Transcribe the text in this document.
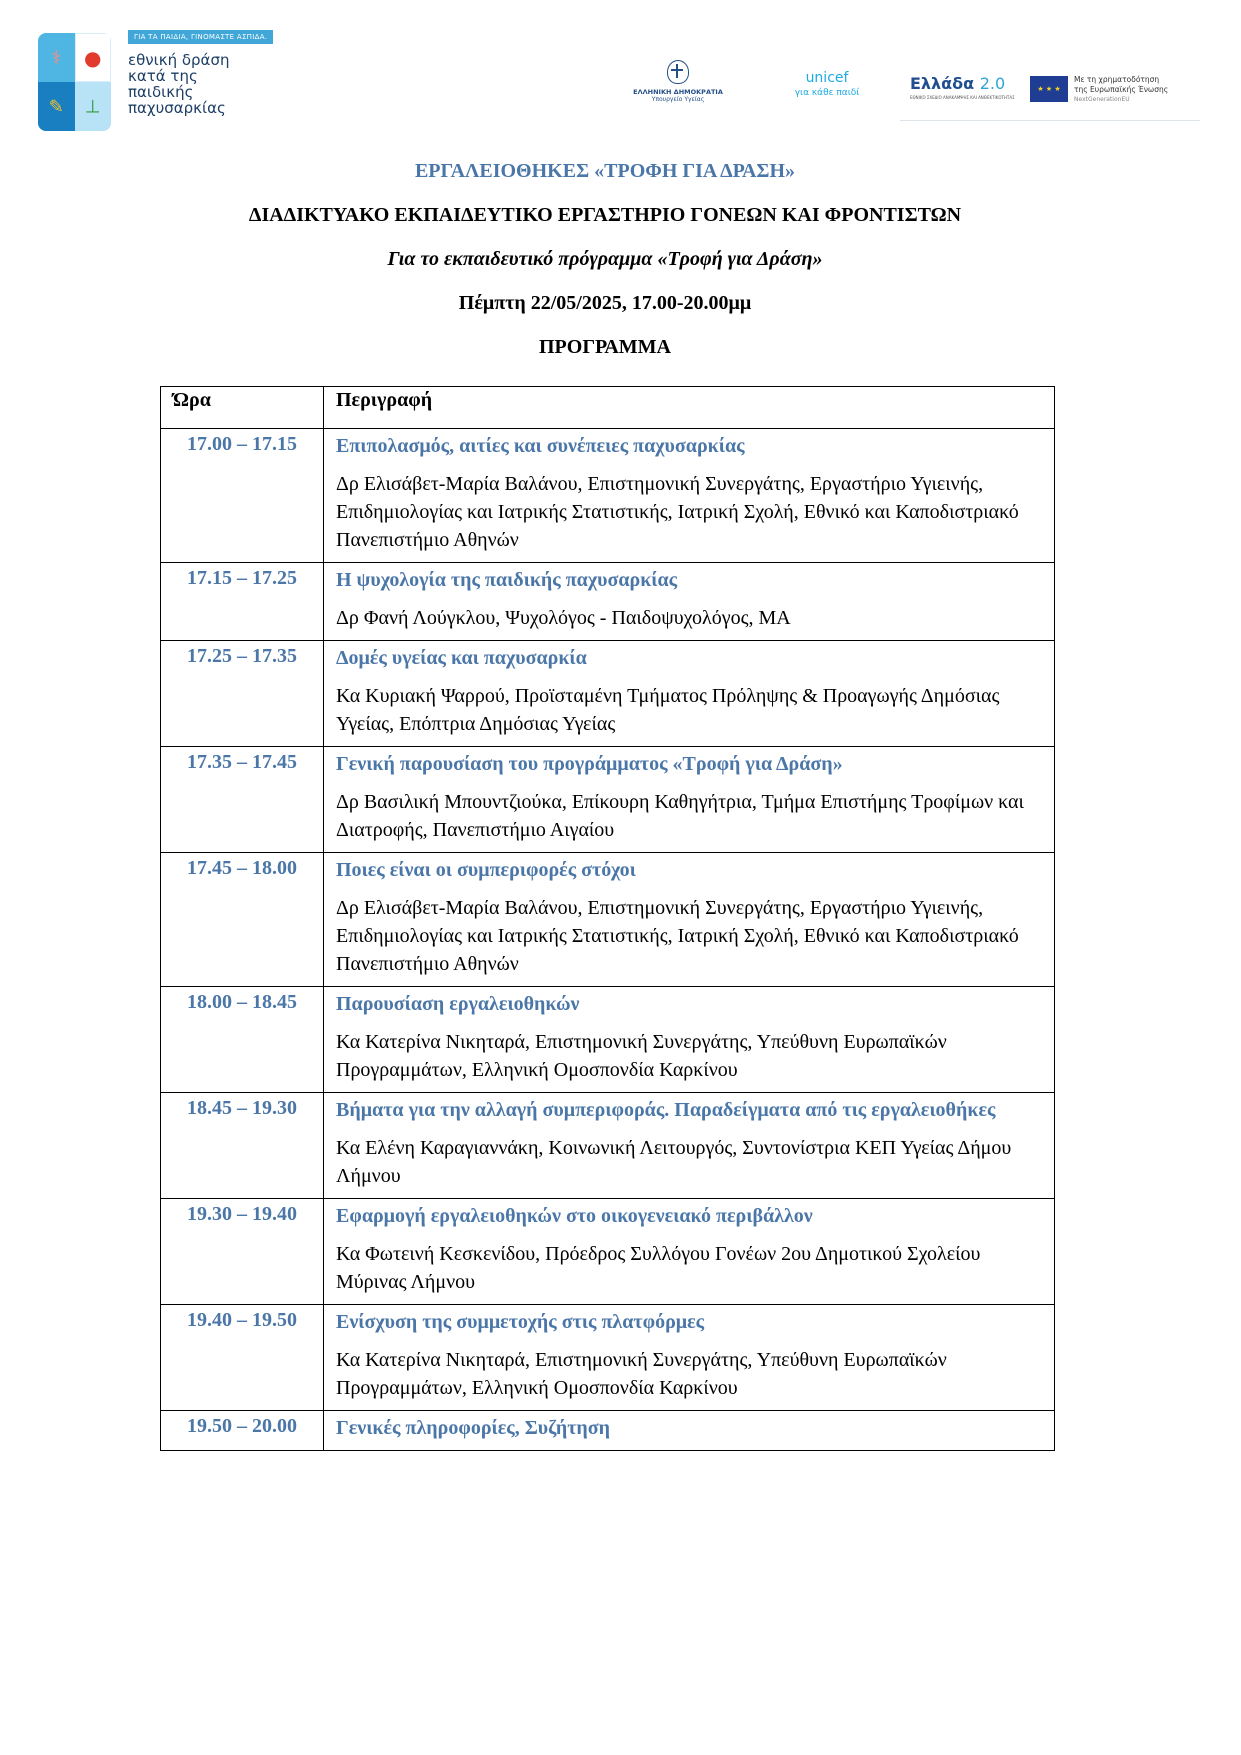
⚕ ●
✎ ⊥
ΓΙΑ ΤΑ ΠΑΙΔΙΑ, ΓΙΝΟΜΑΣΤΕ ΑΣΠΙΔΑ.
εθνική δράση
κατά της
παιδικής
παχυσαρκίας
ΕΛΛΗΝΙΚΗ ΔΗΜΟΚΡΑΤΙΑ
Υπουργείο Υγείας
unicef
για κάθε παιδί	Ελλάδα 2.0
ΕΘΝΙΚΟ ΣΧΕΔΙΟ ΑΝΑΚΑΜΨΗΣ ΚΑΙ ΑΝΘΕΚΤΙΚΟΤΗΤΑΣ
★ ★ ★
Με τη χρηματοδότηση
της Ευρωπαϊκής Ένωσης
NextGenerationEU
ΕΡΓΑΛΕΙΟΘΗΚΕΣ «ΤΡΟΦΗ ΓΙΑ ΔΡΑΣΗ»
ΔΙΑΔΙΚΤΥΑΚΟ ΕΚΠΑΙΔΕΥΤΙΚΟ ΕΡΓΑΣΤΗΡΙΟ ΓΟΝΕΩΝ ΚΑΙ ΦΡΟΝΤΙΣΤΩΝ
Για το εκπαιδευτικό πρόγραμμα «Τροφή για Δράση»
Πέμπτη 22/05/2025, 17.00-20.00μμ
ΠΡΟΓΡΑΜΜΑ
Ώρα	Περιγραφή
17.00 – 17.15	Επιπολασμός, αιτίες και συνέπειες παχυσαρκίας
Δρ Ελισάβετ-Μαρία Βαλάνου, Επιστημονική Συνεργάτης, Εργαστήριο Υγιεινής, Επιδημιολογίας και Ιατρικής Στατιστικής, Ιατρική Σχολή, Εθνικό και Καποδιστριακό Πανεπιστήμιο Αθηνών

17.15 – 17.25	Η ψυχολογία της παιδικής παχυσαρκίας
Δρ Φανή Λούγκλου, Ψυχολόγος - Παιδοψυχολόγος, ΜΑ

17.25 – 17.35	Δομές υγείας και παχυσαρκία
Κα Κυριακή Ψαρρού, Προϊσταμένη Τμήματος Πρόληψης & Προαγωγής Δημόσιας Υγείας, Επόπτρια Δημόσιας Υγείας

17.35 – 17.45	Γενική παρουσίαση του προγράμματος «Τροφή για Δράση»
Δρ Βασιλική Μπουντζιούκα, Επίκουρη Καθηγήτρια, Τμήμα Επιστήμης Τροφίμων και Διατροφής, Πανεπιστήμιο Αιγαίου

17.45 – 18.00	Ποιες είναι οι συμπεριφορές στόχοι
Δρ Ελισάβετ-Μαρία Βαλάνου, Επιστημονική Συνεργάτης, Εργαστήριο Υγιεινής, Επιδημιολογίας και Ιατρικής Στατιστικής, Ιατρική Σχολή, Εθνικό και Καποδιστριακό Πανεπιστήμιο Αθηνών

18.00 – 18.45	Παρουσίαση εργαλειοθηκών
Κα Κατερίνα Νικηταρά, Επιστημονική Συνεργάτης, Υπεύθυνη Ευρωπαϊκών Προγραμμάτων, Ελληνική Ομοσπονδία Καρκίνου

18.45 – 19.30	Βήματα για την αλλαγή συμπεριφοράς. Παραδείγματα από τις εργαλειοθήκες
Κα Ελένη Καραγιαννάκη, Κοινωνική Λειτουργός, Συντονίστρια ΚΕΠ Υγείας Δήμου Λήμνου

19.30 – 19.40	Εφαρμογή εργαλειοθηκών στο οικογενειακό περιβάλλον
Κα Φωτεινή Κεσκενίδου, Πρόεδρος Συλλόγου Γονέων 2ου Δημοτικού Σχολείου Μύρινας Λήμνου

19.40 – 19.50	Ενίσχυση της συμμετοχής στις πλατφόρμες
Κα Κατερίνα Νικηταρά, Επιστημονική Συνεργάτης, Υπεύθυνη Ευρωπαϊκών Προγραμμάτων, Ελληνική Ομοσπονδία Καρκίνου

19.50 – 20.00	Γενικές πληροφορίες, Συζήτηση
